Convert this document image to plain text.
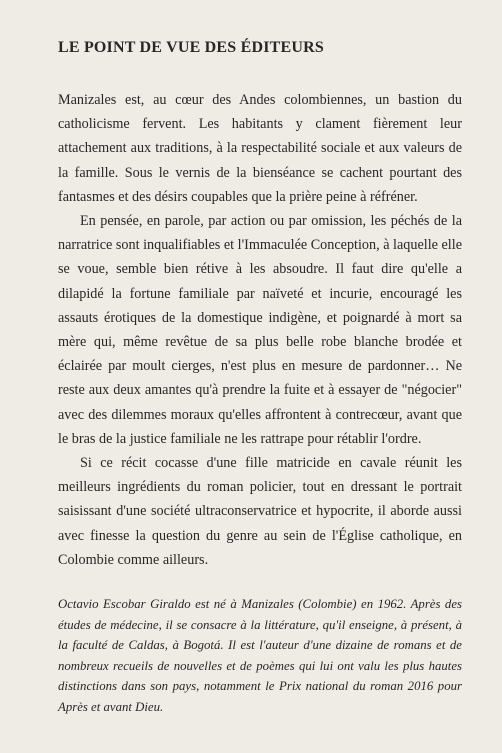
LE POINT DE VUE DES ÉDITEURS

Manizales est, au cœur des Andes colombiennes, un bastion du catholicisme fervent. Les habitants y clament fièrement leur attachement aux traditions, à la respectabilité sociale et aux valeurs de la famille. Sous le vernis de la bienséance se cachent pourtant des fantasmes et des désirs coupables que la prière peine à réfréner.

En pensée, en parole, par action ou par omission, les péchés de la narratrice sont inqualifiables et l'Immaculée Conception, à laquelle elle se voue, semble bien rétive à les absoudre. Il faut dire qu'elle a dilapidé la fortune familiale par naïveté et incurie, encouragé les assauts érotiques de la domestique indigène, et poignardé à mort sa mère qui, même revêtue de sa plus belle robe blanche brodée et éclairée par moult cierges, n'est plus en mesure de pardonner… Ne reste aux deux amantes qu'à prendre la fuite et à essayer de "négocier" avec des dilemmes moraux qu'elles affrontent à contrecœur, avant que le bras de la justice familiale ne les rattrape pour rétablir l'ordre.

Si ce récit cocasse d'une fille matricide en cavale réunit les meilleurs ingrédients du roman policier, tout en dressant le portrait saisissant d'une société ultraconservatrice et hypocrite, il aborde aussi avec finesse la question du genre au sein de l'Église catholique, en Colombie comme ailleurs.

Octavio Escobar Giraldo est né à Manizales (Colombie) en 1962. Après des études de médecine, il se consacre à la littérature, qu'il enseigne, à présent, à la faculté de Caldas, à Bogotá. Il est l'auteur d'une dizaine de romans et de nombreux recueils de nouvelles et de poèmes qui lui ont valu les plus hautes distinctions dans son pays, notamment le Prix national du roman 2016 pour Après et avant Dieu.
